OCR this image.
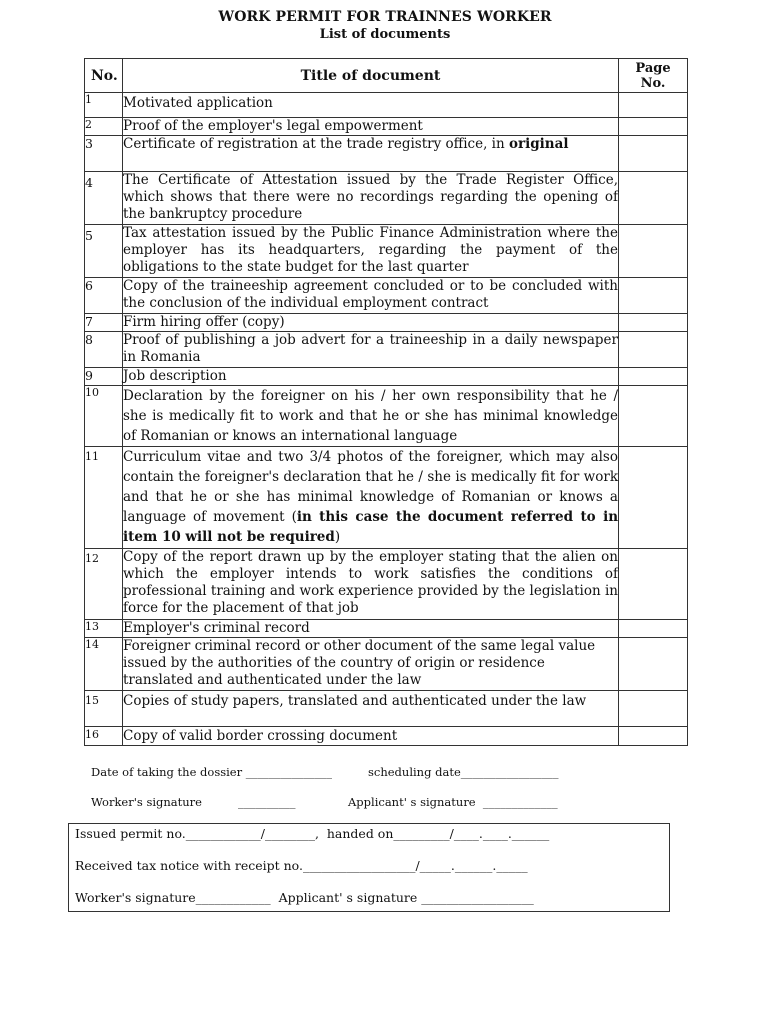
WORK PERMIT FOR TRAINNES WORKER
List of documents
No.	Title of document	Page
No.
1	Motivated application	
2	Proof of the employer's legal empowerment	
3	Certificate of registration at the trade registry office, in original	
4	The Certificate of Attestation issued by the Trade Register Office, which shows that there were no recordings regarding the opening of the bankruptcy procedure	
5	Tax attestation issued by the Public Finance Administration where the employer has its headquarters, regarding the payment of the obligations to the state budget for the last quarter	
6	Copy of the traineeship agreement concluded or to be concluded with the conclusion of the individual employment contract	
7	Firm hiring offer (copy)	
8	Proof of publishing a job advert for a traineeship in a daily newspaper in Romania	
9	Job description	
10	Declaration by the foreigner on his / her own responsibility that he / she is medically fit to work and that he or she has minimal knowledge of Romanian or knows an international language	
11	Curriculum vitae and two 3/4 photos of the foreigner, which may also contain the foreigner's declaration that he / she is medically fit for work and that he or she has minimal knowledge of Romanian or knows a language of movement (in this case the document referred to in item 10 will not be required)	
12	Copy of the report drawn up by the employer stating that the alien on which the employer intends to work satisfies the conditions of professional training and work experience provided by the legislation in force for the placement of that job	
13	Employer's criminal record	
14	Foreigner criminal record or other document of the same legal value issued by the authorities of the country of origin or residence translated and authenticated under the law	
15	Copies of study papers, translated and authenticated under the law	
16	Copy of valid border crossing document	
Date of taking the dossier _______________	scheduling date_________________
Worker's signature	__________	Applicant' s signature  _____________
Issued permit no.____________/________,  handed on_________/____.____.______
Received tax notice with receipt no.__________________/_____.______._____
Worker's signature____________  Applicant' s signature __________________
